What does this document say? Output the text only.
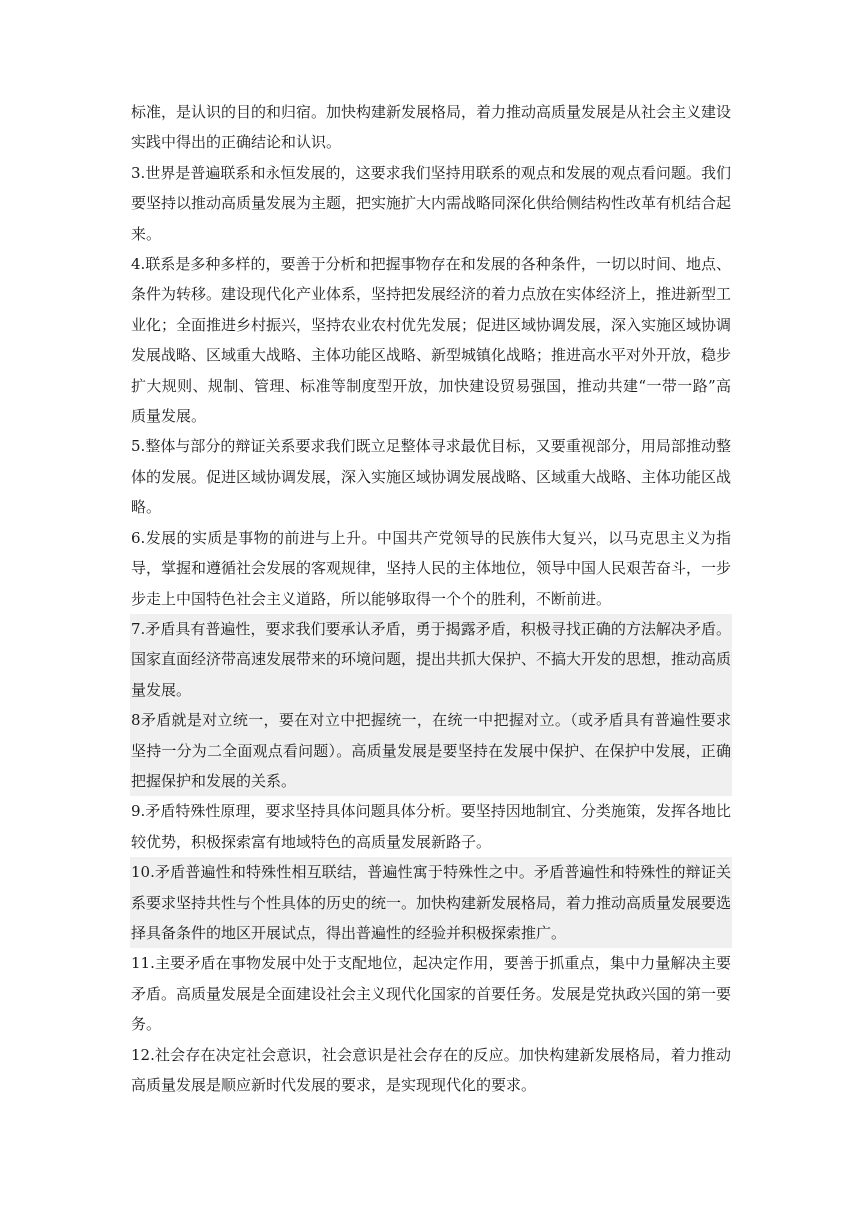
标准，是认识的目的和归宿。加快构建新发展格局，着力推动高质量发展是从社会主义建设实践中得出的正确结论和认识。

3.世界是普遍联系和永恒发展的，这要求我们坚持用联系的观点和发展的观点看问题。我们要坚持以推动高质量发展为主题，把实施扩大内需战略同深化供给侧结构性改革有机结合起来。

4.联系是多种多样的，要善于分析和把握事物存在和发展的各种条件，一切以时间、地点、条件为转移。建设现代化产业体系，坚持把发展经济的着力点放在实体经济上，推进新型工业化；全面推进乡村振兴，坚持农业农村优先发展；促进区域协调发展，深入实施区域协调发展战略、区域重大战略、主体功能区战略、新型城镇化战略；推进高水平对外开放，稳步扩大规则、规制、管理、标准等制度型开放，加快建设贸易强国，推动共建“一带一路”高质量发展。

5.整体与部分的辩证关系要求我们既立足整体寻求最优目标，又要重视部分，用局部推动整体的发展。促进区域协调发展，深入实施区域协调发展战略、区域重大战略、主体功能区战略。

6.发展的实质是事物的前进与上升。中国共产党领导的民族伟大复兴，以马克思主义为指导，掌握和遵循社会发展的客观规律，坚持人民的主体地位，领导中国人民艰苦奋斗，一步步走上中国特色社会主义道路，所以能够取得一个个的胜利，不断前进。

7.矛盾具有普遍性，要求我们要承认矛盾，勇于揭露矛盾，积极寻找正确的方法解决矛盾。国家直面经济带高速发展带来的环境问题，提出共抓大保护、不搞大开发的思想，推动高质量发展。

8矛盾就是对立统一，要在对立中把握统一，在统一中把握对立。（或矛盾具有普遍性要求坚持一分为二全面观点看问题）。高质量发展是要坚持在发展中保护、在保护中发展，正确把握保护和发展的关系。

9.矛盾特殊性原理，要求坚持具体问题具体分析。要坚持因地制宜、分类施策，发挥各地比较优势，积极探索富有地域特色的高质量发展新路子。

10.矛盾普遍性和特殊性相互联结，普遍性寓于特殊性之中。矛盾普遍性和特殊性的辩证关系要求坚持共性与个性具体的历史的统一。加快构建新发展格局，着力推动高质量发展要选择具备条件的地区开展试点，得出普遍性的经验并积极探索推广。

11.主要矛盾在事物发展中处于支配地位，起决定作用，要善于抓重点，集中力量解决主要矛盾。高质量发展是全面建设社会主义现代化国家的首要任务。发展是党执政兴国的第一要务。

12.社会存在决定社会意识，社会意识是社会存在的反应。加快构建新发展格局，着力推动高质量发展是顺应新时代发展的要求，是实现现代化的要求。
